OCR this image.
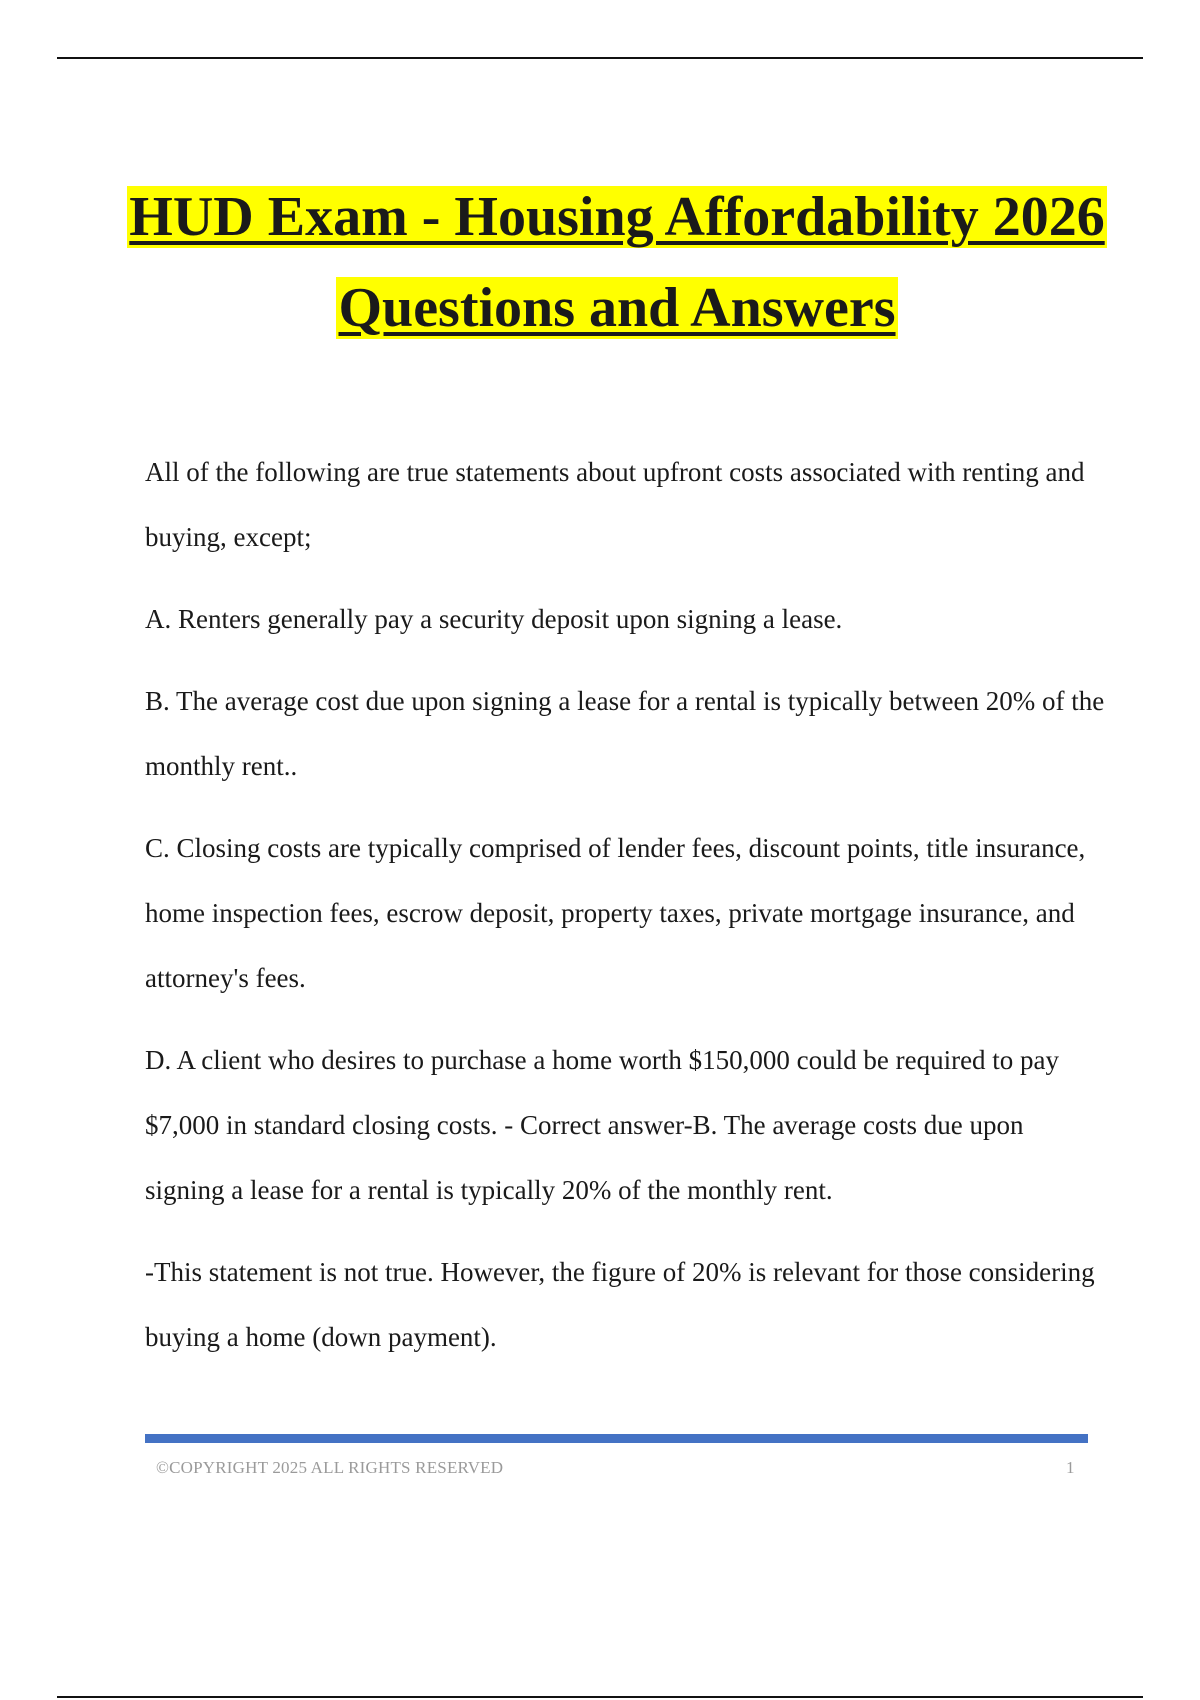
HUD Exam - Housing Affordability 2026
Questions and Answers

All of the following are true statements about upfront costs associated with renting and buying, except;

A. Renters generally pay a security deposit upon signing a lease.

B. The average cost due upon signing a lease for a rental is typically between 20% of the monthly rent..

C. Closing costs are typically comprised of lender fees, discount points, title insurance, home inspection fees, escrow deposit, property taxes, private mortgage insurance, and attorney's fees.

D. A client who desires to purchase a home worth $150,000 could be required to pay $7,000 in standard closing costs. - Correct answer-B. The average costs due upon signing a lease for a rental is typically 20% of the monthly rent.

-This statement is not true. However, the figure of 20% is relevant for those considering buying a home (down payment).

©COPYRIGHT 2025 ALL RIGHTS RESERVED	1
